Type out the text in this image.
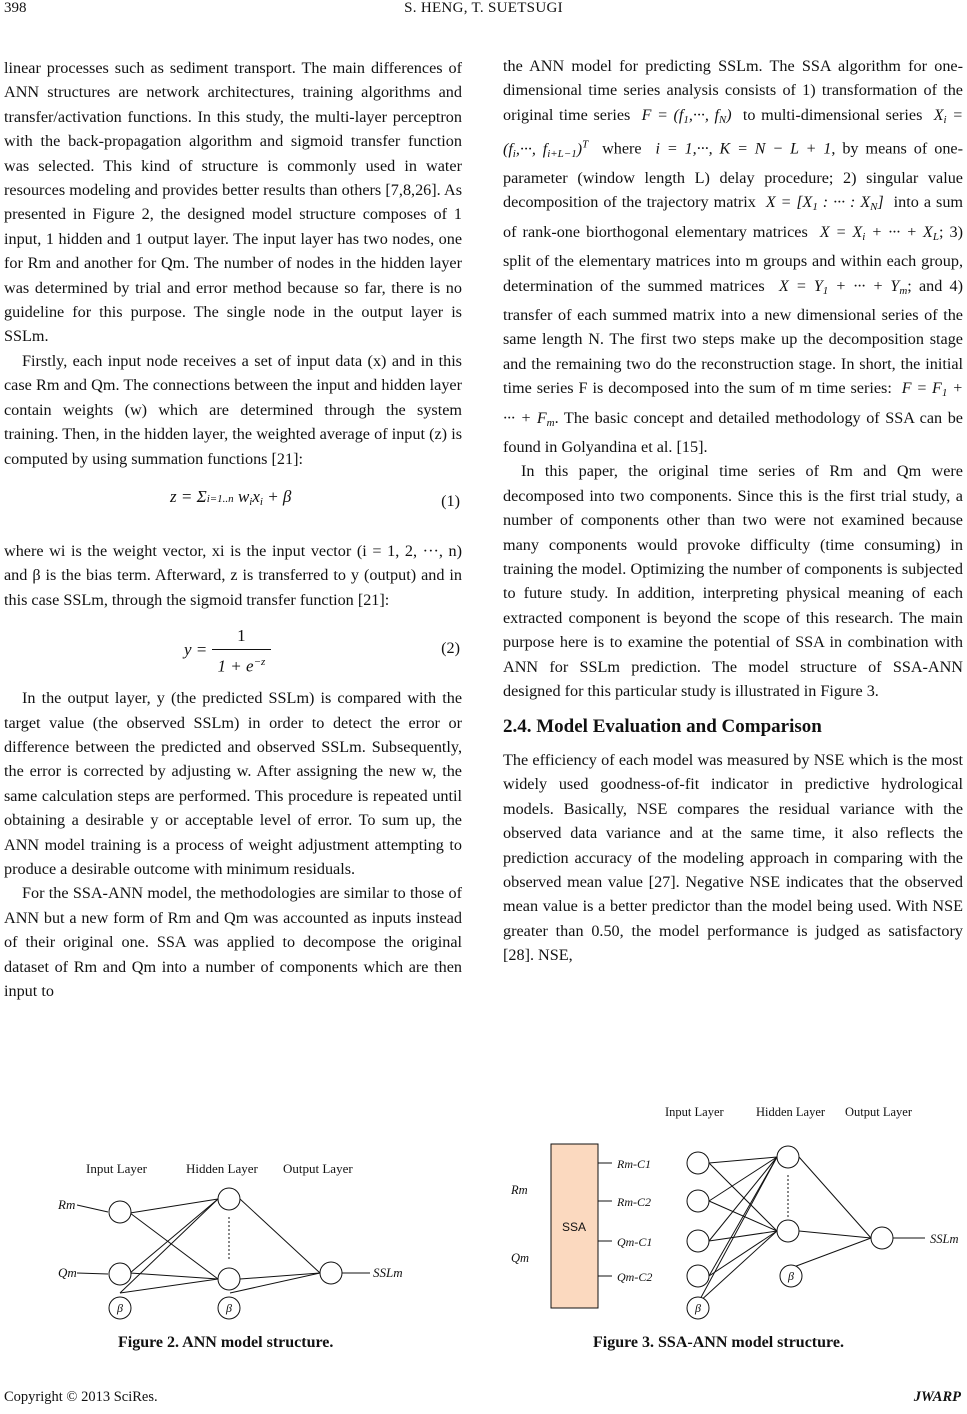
398	S. HENG, T. SUETSUGI

linear processes such as sediment transport. The main differences of ANN structures are network architectures, training algorithms and transfer/activation functions. In this study, the multi-layer perceptron with the back-propagation algorithm and sigmoid transfer function was selected. This kind of structure is commonly used in water resources modeling and provides better results than others [7,8,26]. As presented in Figure 2, the designed model structure composes of 1 input, 1 hidden and 1 output layer. The input layer has two nodes, one for Rm and another for Qm. The number of nodes in the hidden layer was determined by trial and error method because so far, there is no guideline for this purpose. The single node in the output layer is SSLm.

Firstly, each input node receives a set of input data (x) and in this case Rm and Qm. The connections between the input and hidden layer contain weights (w) which are determined through the system training. Then, in the hidden layer, the weighted average of input (z) is computed by using summation functions [21]:

z = Σi=1..n $w_ix_i + \beta$	(1)

where wi is the weight vector, xi is the input vector (i = 1, 2, ···, n) and β is the bias term. Afterward, z is transferred to y (output) and in this case SSLm, through the sigmoid transfer function [21]:

$y = \frac{1}{1 + e^{-z}}$	(2)

In the output layer, y (the predicted SSLm) is compared with the target value (the observed SSLm) in order to detect the error or difference between the predicted and observed SSLm. Subsequently, the error is corrected by adjusting w. After assigning the new w, the same calculation steps are performed. This procedure is repeated until obtaining a desirable y or acceptable level of error. To sum up, the ANN model training is a process of weight adjustment attempting to produce a desirable outcome with minimum residuals.

For the SSA-ANN model, the methodologies are similar to those of ANN but a new form of Rm and Qm was accounted as inputs instead of their original one. SSA was applied to decompose the original dataset of Rm and Qm into a number of components which are then input to

the ANN model for predicting SSLm. The SSA algorithm for one-dimensional time series analysis consists of 1) transformation of the original time series  $F = (f_1,\cdot\cdot\cdot$, $f_N$)  to multi-dimensional series  $X_i = (f_i,\cdot\cdot\cdot$, $f_{i+L-1})^T$ where  i = 1,···, K = N − L + 1, by means of one-parameter (window length L) delay procedure; 2) singular value decomposition of the trajectory matrix  $X = [X_1$ : ··· : $X_N$]  into a sum of rank-one biorthogonal elementary matrices  $X = X_i$ + ··· + $X_L$; 3) split of the elementary matrices into m groups and within each group, determination of the summed matrices  $X = Y_1$ + ··· + $Y_m$; and 4) transfer of each summed matrix into a new dimensional series of the same length N. The first two steps make up the decomposition stage and the remaining two do the reconstruction stage. In short, the initial time series F is decomposed into the sum of m time series:  $F = F_1$ + ··· + $F_m$. The basic concept and detailed methodology of SSA can be found in Golyandina et al. [15].

In this paper, the original time series of Rm and Qm were decomposed into two components. Since this is the first trial study, a number of components other than two were not examined because many components would provoke difficulty (time consuming) in training the model. Optimizing the number of components is subjected to future study. In addition, interpreting physical meaning of each extracted component is beyond the scope of this research. The main purpose here is to examine the potential of SSA in combination with ANN for SSLm prediction. The model structure of SSA-ANN designed for this particular study is illustrated in Figure 3.

2.4. Model Evaluation and Comparison

The efficiency of each model was measured by NSE which is the most widely used goodness-of-fit indicator in predictive hydrological models. Basically, NSE compares the residual variance with the observed data variance and at the same time, it also reflects the prediction accuracy of the modeling approach in comparing with the observed mean value [27]. Negative NSE indicates that the observed mean value is a better predictor than the model being used. With NSE greater than 0.50, the model performance is judged as satisfactory [28]. NSE,

Input Layer	Hidden Layer Output Layer
Rm
Qm	SSLm
β	β
Figure 2. ANN model structure.
Input Layer	Hidden Layer Output Layer
Rm
Qm
SSLm
SSA
Rm-C1
Rm-C2
Qm-C1
Qm-C2
β
β
Figure 3. SSA-ANN model structure.
Copyright © 2013 SciRes.	JWARP
